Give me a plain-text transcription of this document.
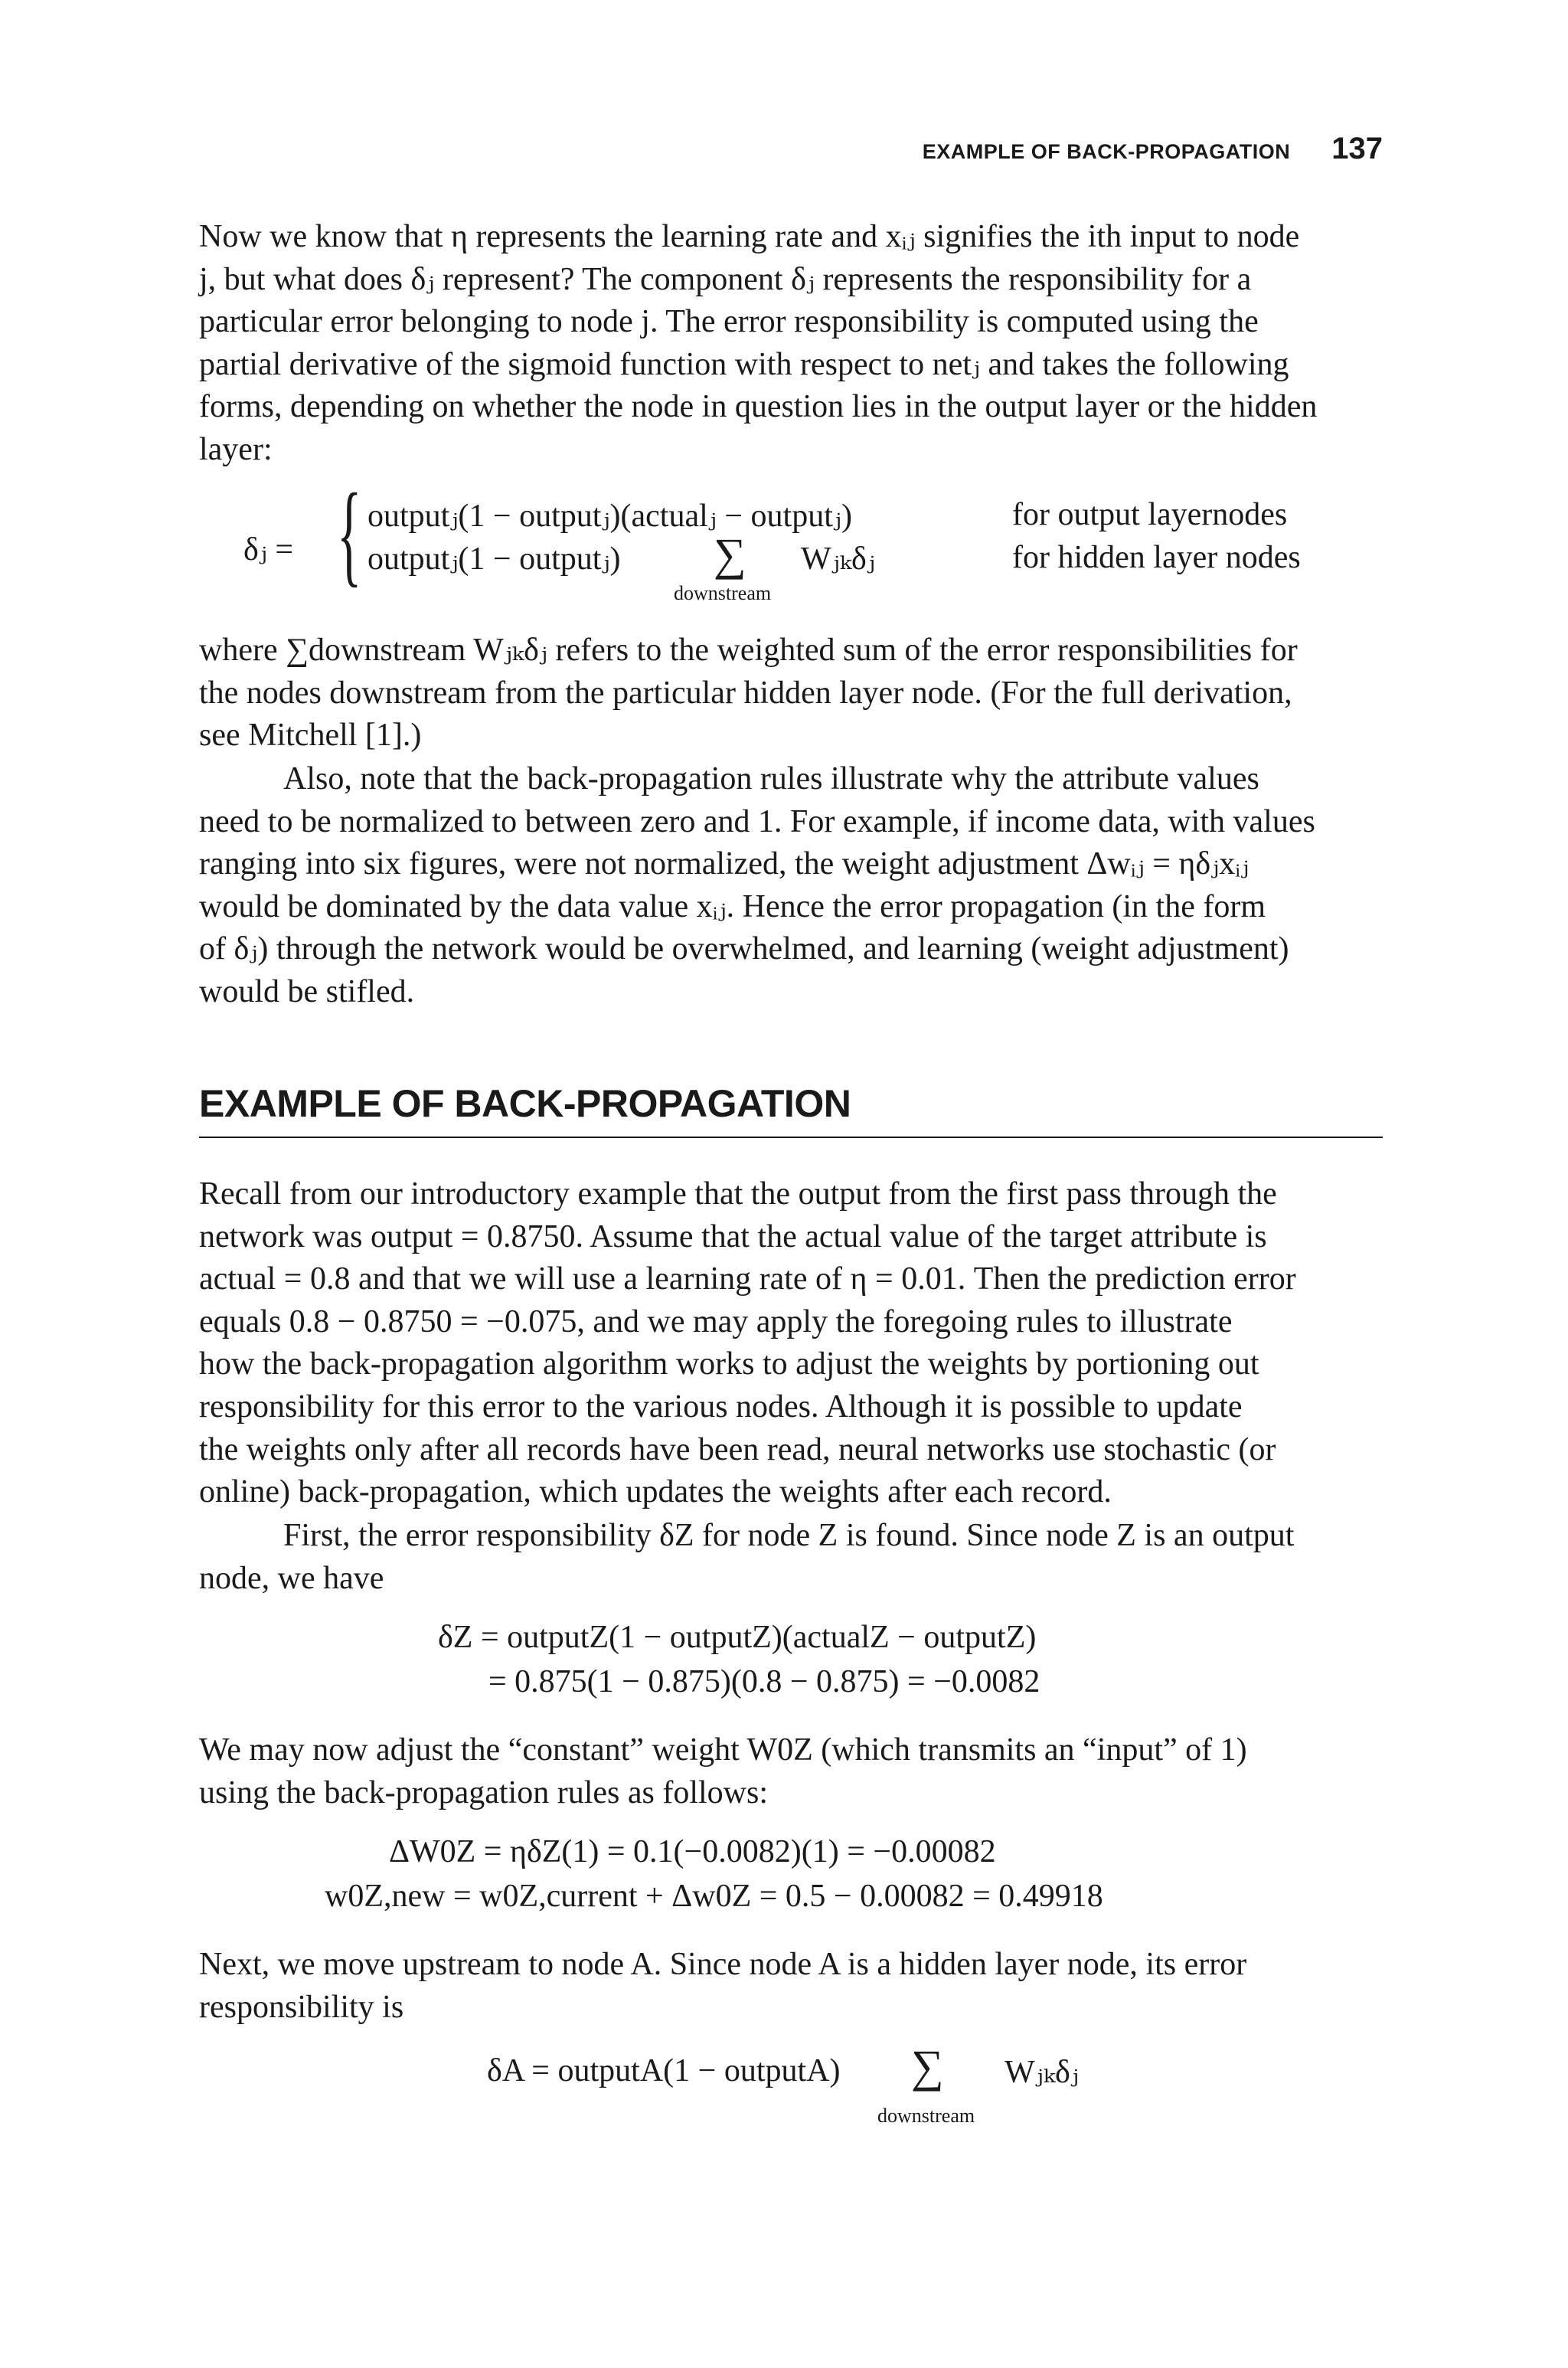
EXAMPLE OF BACK-PROPAGATION 137

Now we know that η represents the learning rate and xᵢⱼ signifies the ith input to node

j, but what does δⱼ represent? The component δⱼ represents the responsibility for a

particular error belonging to node j. The error responsibility is computed using the

partial derivative of the sigmoid function with respect to netⱼ and takes the following

forms, depending on whether the node in question lies in the output layer or the hidden

layer:

δⱼ = { outputⱼ(1 − outputⱼ)(actualⱼ − outputⱼ)	for output layernodes
outputⱼ(1 − outputⱼ) ∑ Wⱼₖδⱼ
downstream
for hidden layer nodes

where ∑downstream Wⱼₖδⱼ refers to the weighted sum of the error responsibilities for

the nodes downstream from the particular hidden layer node. (For the full derivation,

see Mitchell [1].)

Also, note that the back-propagation rules illustrate why the attribute values

need to be normalized to between zero and 1. For example, if income data, with values

ranging into six figures, were not normalized, the weight adjustment Δwᵢⱼ = ηδⱼxᵢⱼ

would be dominated by the data value xᵢⱼ. Hence the error propagation (in the form

of δⱼ) through the network would be overwhelmed, and learning (weight adjustment)

would be stifled.

EXAMPLE OF BACK-PROPAGATION

Recall from our introductory example that the output from the first pass through the

network was output = 0.8750. Assume that the actual value of the target attribute is

actual = 0.8 and that we will use a learning rate of η = 0.01. Then the prediction error

equals 0.8 − 0.8750 = −0.075, and we may apply the foregoing rules to illustrate

how the back-propagation algorithm works to adjust the weights by portioning out

responsibility for this error to the various nodes. Although it is possible to update

the weights only after all records have been read, neural networks use stochastic (or

online) back-propagation, which updates the weights after each record.

First, the error responsibility δZ for node Z is found. Since node Z is an output

node, we have

δZ = outputZ(1 − outputZ)(actualZ − outputZ)
= 0.875(1 − 0.875)(0.8 − 0.875) = −0.0082

We may now adjust the “constant” weight W0Z (which transmits an “input” of 1)

using the back-propagation rules as follows:

ΔW0Z = ηδZ(1) = 0.1(−0.0082)(1) = −0.00082
w0Z,new = w0Z,current + Δw0Z = 0.5 − 0.00082 = 0.49918

Next, we move upstream to node A. Since node A is a hidden layer node, its error

responsibility is

δA = outputA(1 − outputA) ∑ Wⱼₖδⱼ
downstream
